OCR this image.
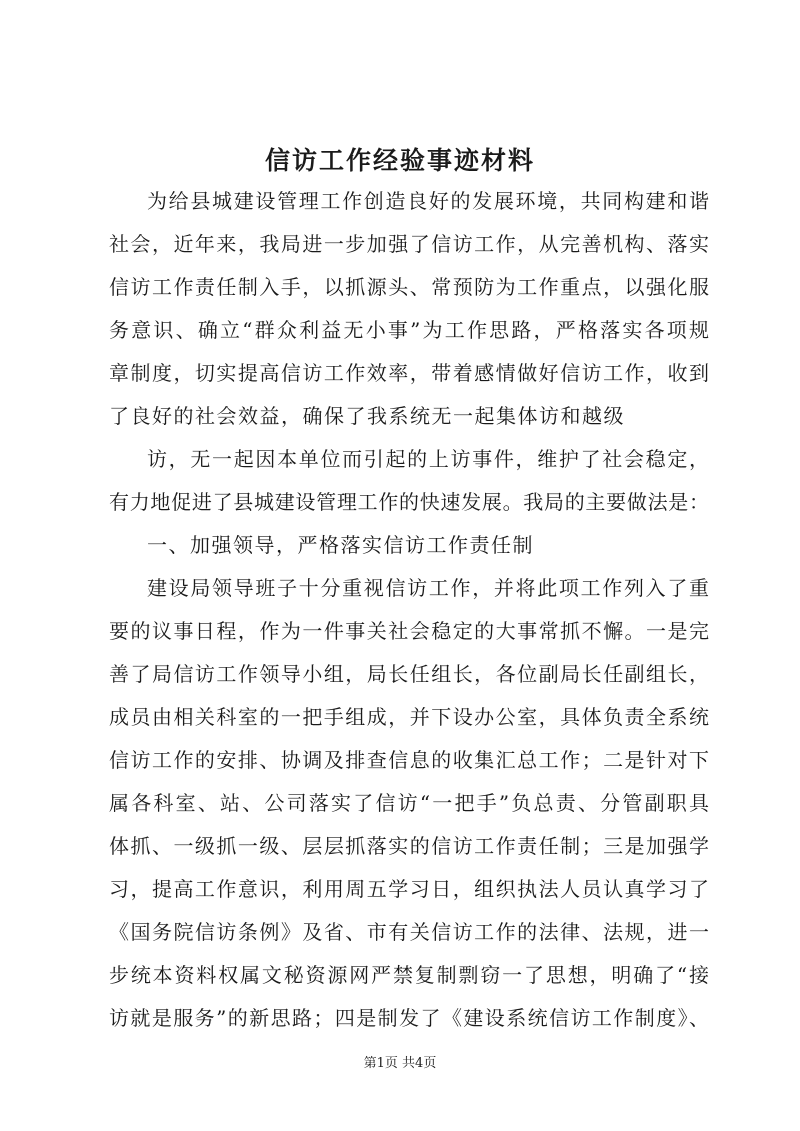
信访工作经验事迹材料
为给县城建设管理工作创造良好的发展环境，共同构建和谐
社会，近年来，我局进一步加强了信访工作，从完善机构、落实
信访工作责任制入手，以抓源头、常预防为工作重点，以强化服
务意识、确立“群众利益无小事”为工作思路，严格落实各项规
章制度，切实提高信访工作效率，带着感情做好信访工作，收到
了良好的社会效益，确保了我系统无一起集体访和越级
访，无一起因本单位而引起的上访事件，维护了社会稳定，
有力地促进了县城建设管理工作的快速发展。我局的主要做法是：
一、加强领导，严格落实信访工作责任制
建设局领导班子十分重视信访工作，并将此项工作列入了重
要的议事日程，作为一件事关社会稳定的大事常抓不懈。一是完
善了局信访工作领导小组，局长任组长，各位副局长任副组长，
成员由相关科室的一把手组成，并下设办公室，具体负责全系统
信访工作的安排、协调及排查信息的收集汇总工作；二是针对下
属各科室、站、公司落实了信访“一把手”负总责、分管副职具
体抓、一级抓一级、层层抓落实的信访工作责任制；三是加强学
习，提高工作意识，利用周五学习日，组织执法人员认真学习了
《国务院信访条例》及省、市有关信访工作的法律、法规，进一
步统本资料权属文秘资源网严禁复制剽窃一了思想，明确了“接
访就是服务”的新思路；四是制发了《建设系统信访工作制度》、
第1页 共4页
